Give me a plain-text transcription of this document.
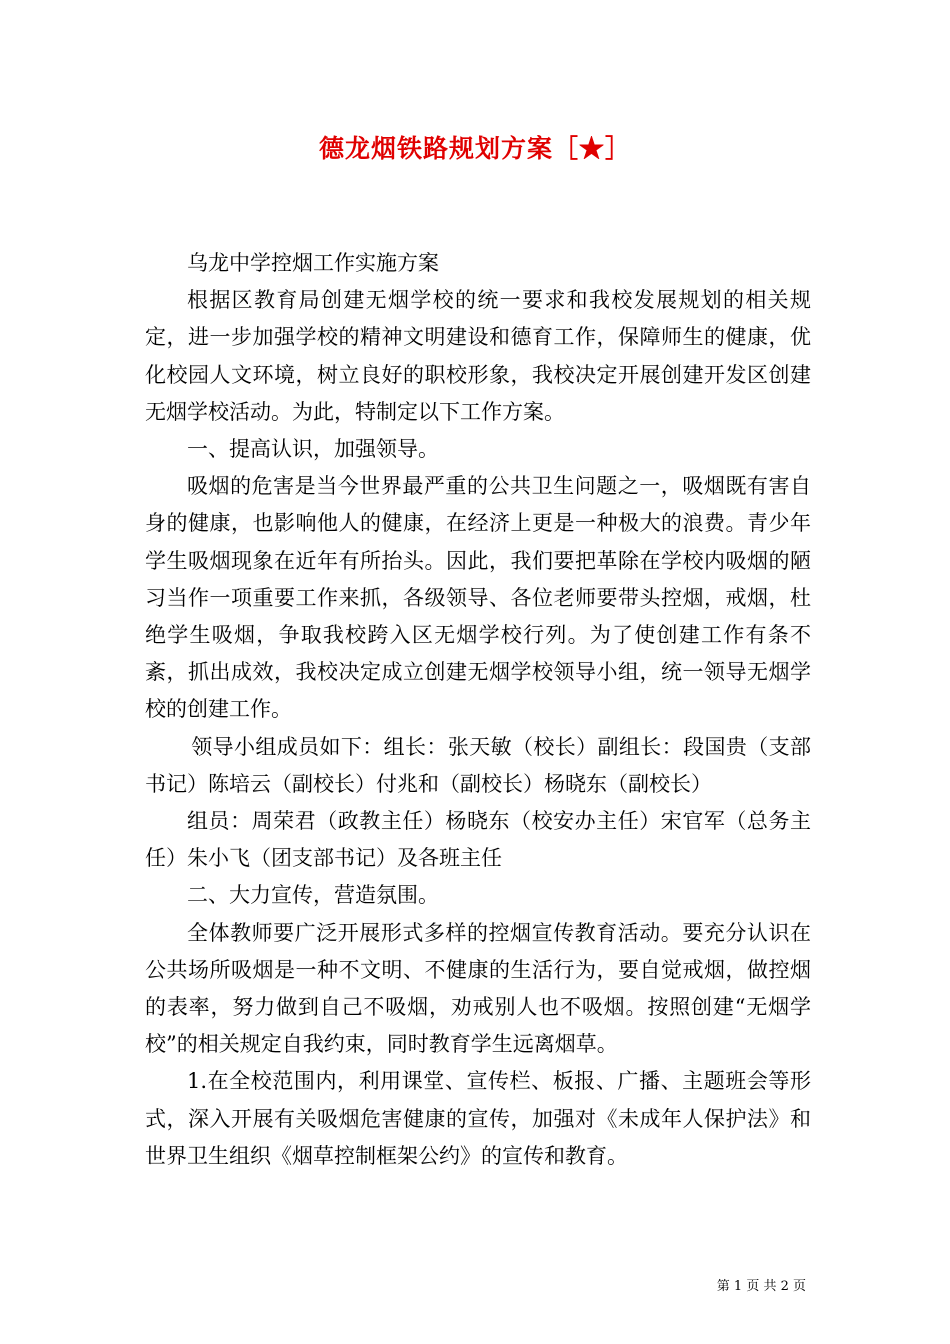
德龙烟铁路规划方案［★］

乌龙中学控烟工作实施方案

根据区教育局创建无烟学校的统一要求和我校发展规划的相关规定，进一步加强学校的精神文明建设和德育工作，保障师生的健康，优化校园人文环境，树立良好的职校形象，我校决定开展创建开发区创建无烟学校活动。为此，特制定以下工作方案。

一、提高认识，加强领导。

吸烟的危害是当今世界最严重的公共卫生问题之一，吸烟既有害自身的健康，也影响他人的健康，在经济上更是一种极大的浪费。青少年学生吸烟现象在近年有所抬头。因此，我们要把革除在学校内吸烟的陋习当作一项重要工作来抓，各级领导、各位老师要带头控烟，戒烟，杜绝学生吸烟，争取我校跨入区无烟学校行列。为了使创建工作有条不紊，抓出成效，我校决定成立创建无烟学校领导小组，统一领导无烟学校的创建工作。

领导小组成员如下：组长：张天敏（校长）副组长：段国贵（支部书记）陈培云（副校长）付兆和（副校长）杨晓东（副校长）

组员：周荣君（政教主任）杨晓东（校安办主任）宋官军（总务主任）朱小飞（团支部书记）及各班主任

二、大力宣传，营造氛围。

全体教师要广泛开展形式多样的控烟宣传教育活动。要充分认识在公共场所吸烟是一种不文明、不健康的生活行为，要自觉戒烟，做控烟的表率，努力做到自己不吸烟，劝戒别人也不吸烟。按照创建“无烟学校”的相关规定自我约束，同时教育学生远离烟草。

1.在全校范围内，利用课堂、宣传栏、板报、广播、主题班会等形式，深入开展有关吸烟危害健康的宣传，加强对《未成年人保护法》和世界卫生组织《烟草控制框架公约》的宣传和教育。

第 1 页 共 2 页
